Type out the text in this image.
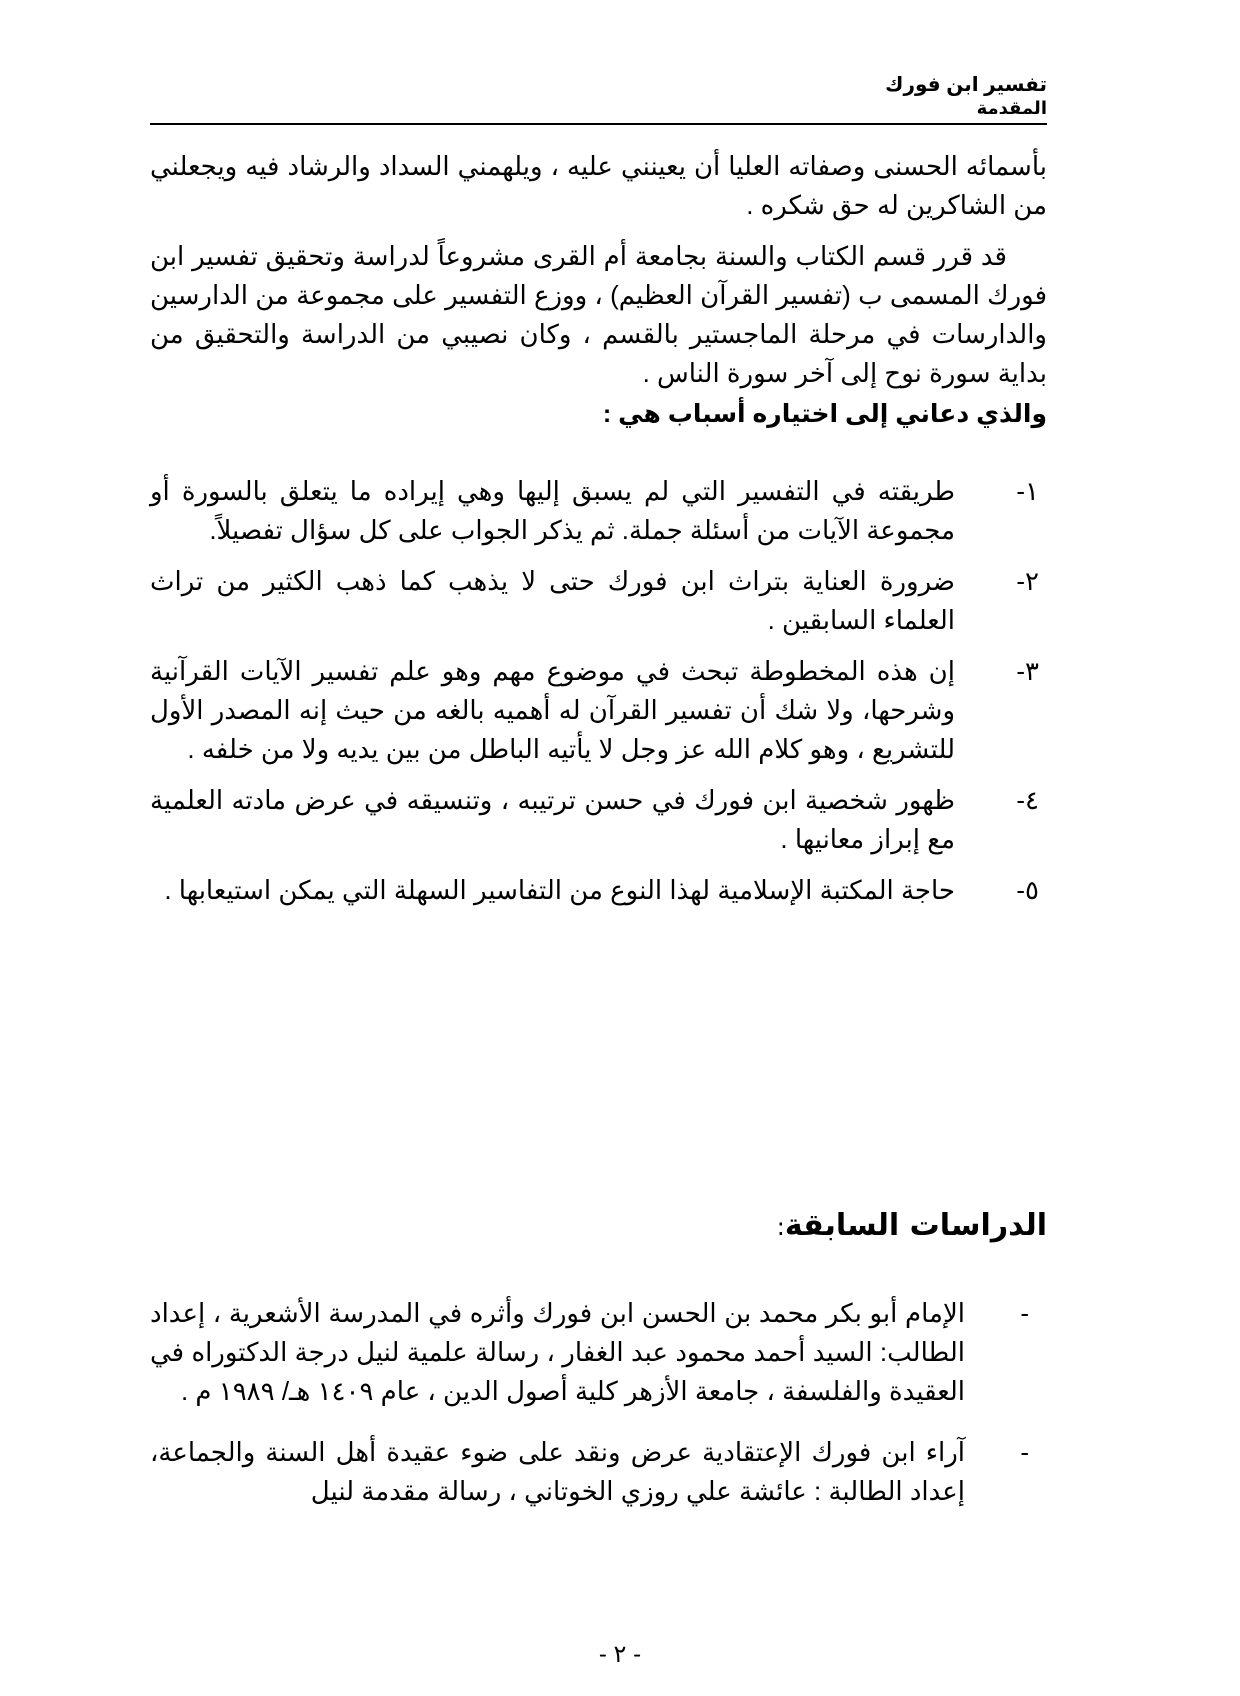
تفسير ابن فورك
المقدمة

بأسمائه الحسنى وصفاته العليا أن يعينني عليه ، ويلهمني السداد والرشاد فيه ويجعلني من الشاكرين له حق شكره .

قد قرر قسم الكتاب والسنة بجامعة أم القرى مشروعاً لدراسة وتحقيق تفسير ابن فورك المسمى ب (تفسير القرآن العظيم) ، ووزع التفسير على مجموعة من الدارسين والدارسات في مرحلة الماجستير بالقسم ، وكان نصيبي من الدراسة والتحقيق من بداية سورة نوح إلى آخر سورة الناس .

والذي دعاني إلى اختياره أسباب هي :

١-
طريقته في التفسير التي لم يسبق إليها وهي إيراده ما يتعلق بالسورة أو مجموعة الآيات من أسئلة جملة. ثم يذكر الجواب على كل سؤال تفصيلاً.
٢-
ضرورة العناية بتراث ابن فورك حتى لا يذهب كما ذهب الكثير من تراث العلماء السابقين .
٣-
إن هذه المخطوطة تبحث في موضوع مهم وهو علم تفسير الآيات القرآنية وشرحها، ولا شك أن تفسير القرآن له أهميه بالغه من حيث إنه المصدر الأول للتشريع ، وهو كلام الله عز وجل لا يأتيه الباطل من بين يديه ولا من خلفه .
٤-
ظهور شخصية ابن فورك في حسن ترتيبه ، وتنسيقه في عرض مادته العلمية مع إبراز معانيها .
٥-
حاجة المكتبة الإسلامية لهذا النوع من التفاسير السهلة التي يمكن استيعابها .
الدراسات السابقة:
-
الإمام أبو بكر محمد بن الحسن ابن فورك وأثره في المدرسة الأشعرية ، إعداد الطالب: السيد أحمد محمود عبد الغفار ، رسالة علمية لنيل درجة الدكتوراه في العقيدة والفلسفة ، جامعة الأزهر كلية أصول الدين ، عام ١٤٠٩ هـ/ ١٩٨٩ م .
-
آراء ابن فورك الإعتقادية عرض ونقد على ضوء عقيدة أهل السنة والجماعة، إعداد الطالبة : عائشة علي روزي الخوتاني ، رسالة مقدمة لنيل
- ٢ -
